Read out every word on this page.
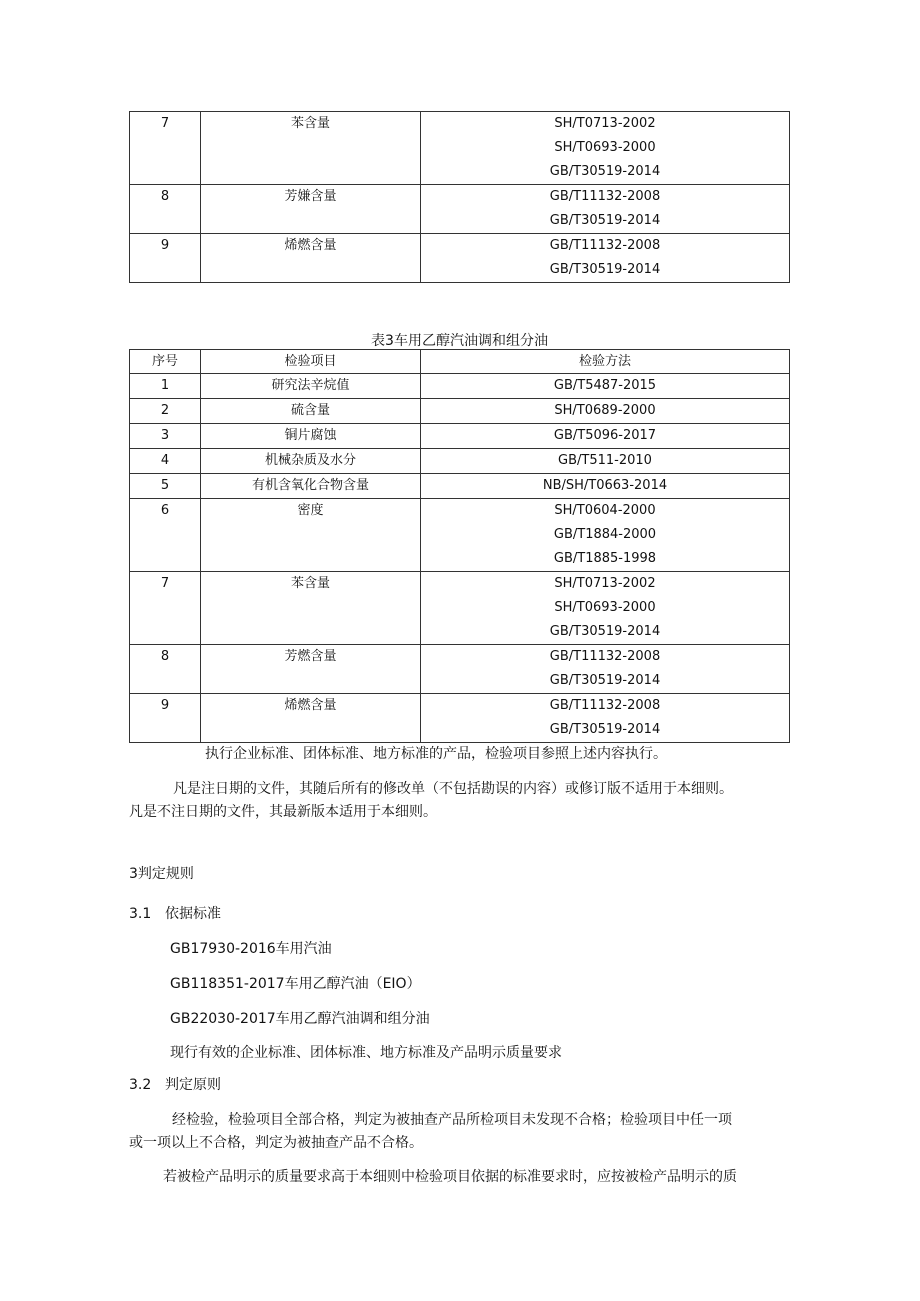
7	苯含量	SH/T0713-2002
SH/T0693-2000
GB/T30519-2014

8	芳嫌含量	GB/T11132-2008
GB/T30519-2014

9	烯燃含量	GB/T11132-2008
GB/T30519-2014
表3车用乙醇汽油调和组分油
序号	检验项目	检验方法
1	研究法辛烷值	GB/T5487-2015

2	硫含量	SH/T0689-2000

3	铜片腐蚀	GB/T5096-2017

4	机械杂质及水分	GB/T511-2010

5	有机含氧化合物含量	NB/SH/T0663-2014

6	密度	SH/T0604-2000
GB/T1884-2000
GB/T1885-1998

7	苯含量	SH/T0713-2002
SH/T0693-2000
GB/T30519-2014

8	芳燃含量	GB/T11132-2008
GB/T30519-2014

9	烯燃含量	GB/T11132-2008
GB/T30519-2014
执行企业标准、团体标准、地方标准的产品，检验项目参照上述内容执行。
凡是注日期的文件，其随后所有的修改单（不包括勘误的内容）或修订版不适用于本细则。
凡是不注日期的文件，其最新版本适用于本细则。
3判定规则
3.1 依据标准
GB17930-2016车用汽油
GB118351-2017车用乙醇汽油（EIO）
GB22030-2017车用乙醇汽油调和组分油
现行有效的企业标准、团体标准、地方标准及产品明示质量要求
3.2 判定原则
经检验，检验项目全部合格，判定为被抽查产品所检项目未发现不合格；检验项目中任一项
或一项以上不合格，判定为被抽查产品不合格。
若被检产品明示的质量要求高于本细则中检验项目依据的标准要求时，应按被检产品明示的质
